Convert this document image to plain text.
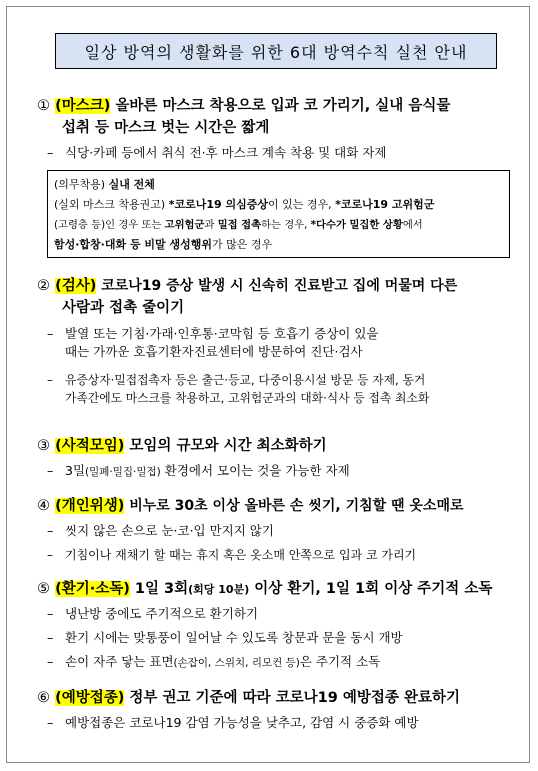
일상 방역의 생활화를 위한 6대 방역수칙 실천 안내
① (마스크) 올바른 마스크 착용으로 입과 코 가리기, 실내 음식물
섭취 등 마스크 벗는 시간은 짧게
– 식당·카페 등에서 취식 전·후 마스크 계속 착용 및 대화 자제
(의무착용) 실내 전체
(실외 마스크 착용권고) *코로나19 의심증상이 있는 경우, *코로나19 고위험군
(고령층 등)인 경우 또는 고위험군과 밀접 접촉하는 경우, *다수가 밀집한 상황에서
함성·합창·대화 등 비말 생성행위가 많은 경우
② (검사) 코로나19 증상 발생 시 신속히 진료받고 집에 머물며 다른
사람과 접촉 줄이기
– 발열 또는 기침·가래·인후통·코막힘 등 호흡기 증상이 있을
때는 가까운 호흡기환자진료센터에 방문하여 진단·검사
– 유증상자·밀접접촉자 등은 출근·등교, 다중이용시설 방문 등 자제, 동거
가족간에도 마스크를 착용하고, 고위험군과의 대화·식사 등 접촉 최소화
③ (사적모임) 모임의 규모와 시간 최소화하기
– 3밀(밀폐·밀집·밀접) 환경에서 모이는 것을 가능한 자제
④ (개인위생) 비누로 30초 이상 올바른 손 씻기, 기침할 땐 옷소매로
– 씻지 않은 손으로 눈·코·입 만지지 않기
– 기침이나 재채기 할 때는 휴지 혹은 옷소매 안쪽으로 입과 코 가리기
⑤ (환기·소독) 1일 3회(회당 10분) 이상 환기, 1일 1회 이상 주기적 소독
– 냉난방 중에도 주기적으로 환기하기
– 환기 시에는 맞통풍이 일어날 수 있도록 창문과 문을 동시 개방
– 손이 자주 닿는 표면(손잡이, 스위치, 리모컨 등)은 주기적 소독
⑥ (예방접종) 정부 권고 기준에 따라 코로나19 예방접종 완료하기
– 예방접종은 코로나19 감염 가능성을 낮추고, 감염 시 중증화 예방
